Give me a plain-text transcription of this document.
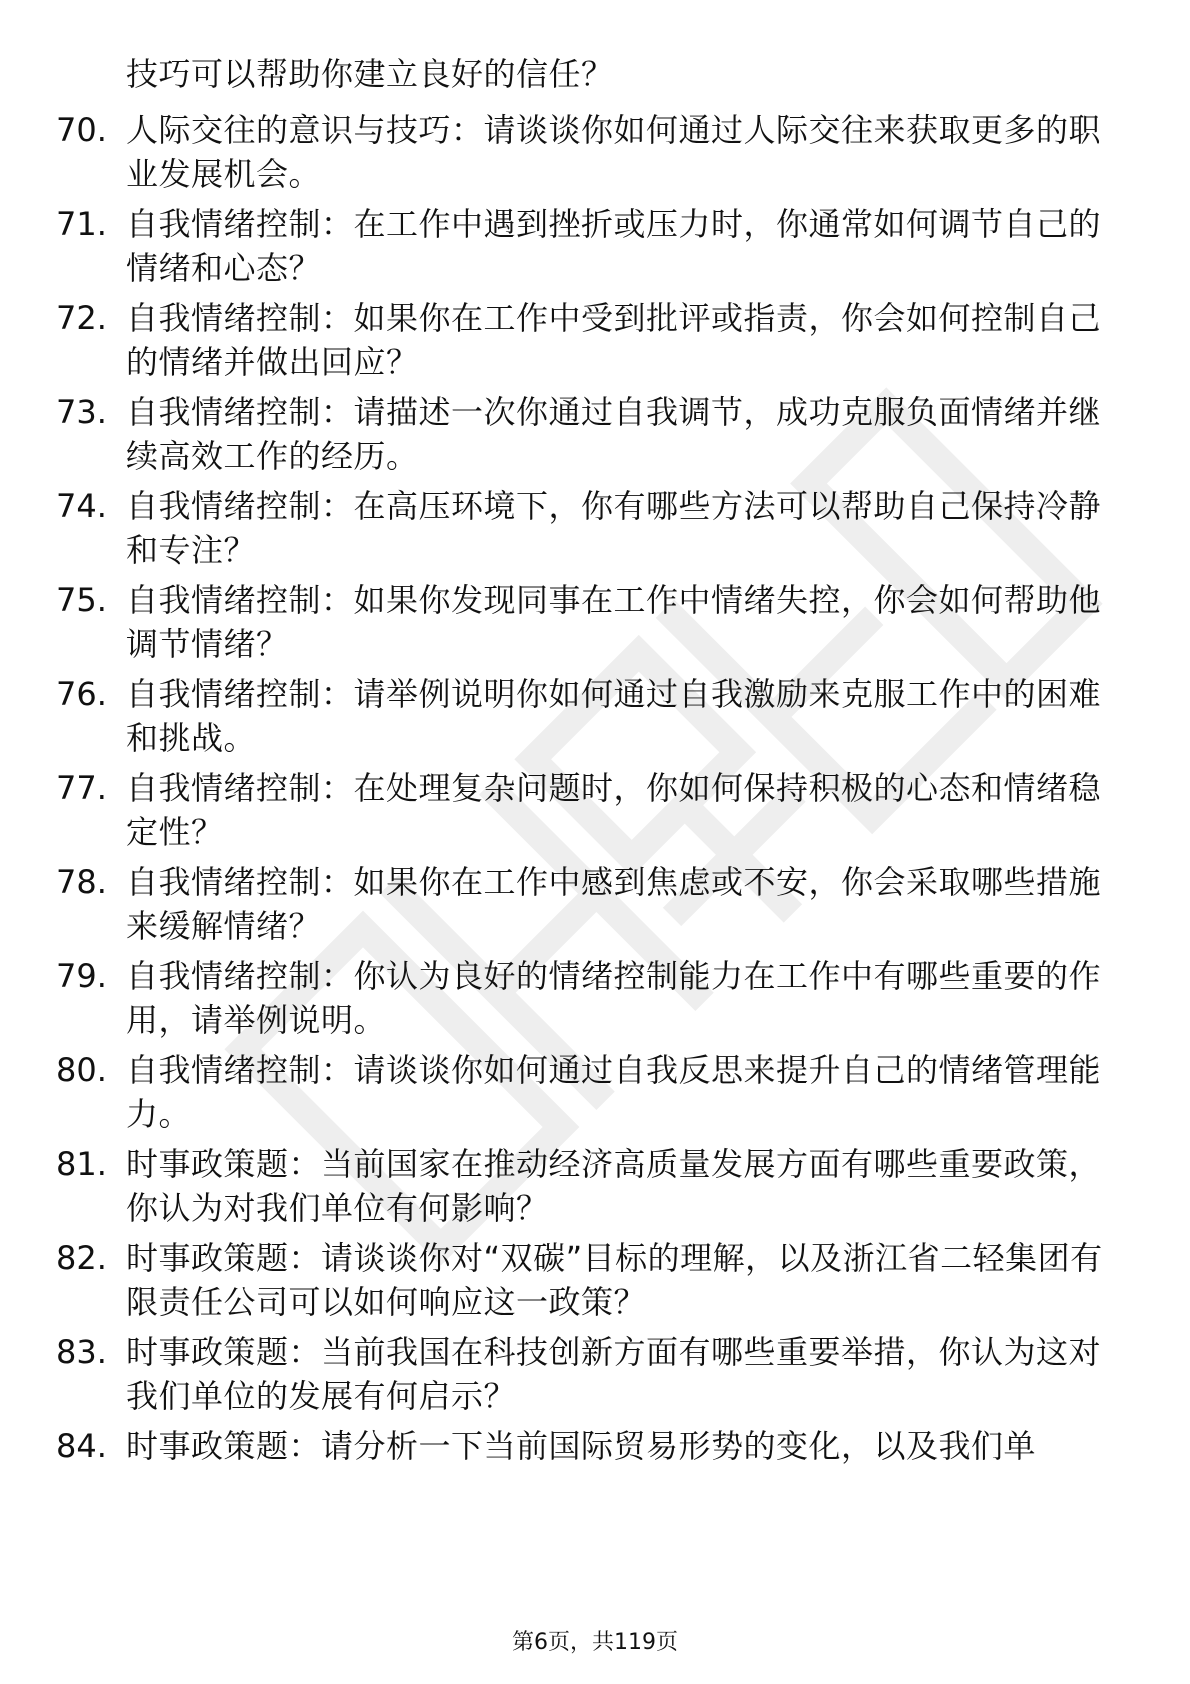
技巧可以帮助你建立良好的信任？
70. 人际交往的意识与技巧：请谈谈你如何通过人际交往来获取更多的职业发展机会。
71. 自我情绪控制：在工作中遇到挫折或压力时，你通常如何调节自己的情绪和心态？
72. 自我情绪控制：如果你在工作中受到批评或指责，你会如何控制自己的情绪并做出回应？
73. 自我情绪控制：请描述一次你通过自我调节，成功克服负面情绪并继续高效工作的经历。
74. 自我情绪控制：在高压环境下，你有哪些方法可以帮助自己保持冷静和专注？
75. 自我情绪控制：如果你发现同事在工作中情绪失控，你会如何帮助他调节情绪？
76. 自我情绪控制：请举例说明你如何通过自我激励来克服工作中的困难和挑战。
77. 自我情绪控制：在处理复杂问题时，你如何保持积极的心态和情绪稳定性？
78. 自我情绪控制：如果你在工作中感到焦虑或不安，你会采取哪些措施来缓解情绪？
79. 自我情绪控制：你认为良好的情绪控制能力在工作中有哪些重要的作用，请举例说明。
80. 自我情绪控制：请谈谈你如何通过自我反思来提升自己的情绪管理能力。
81. 时事政策题：当前国家在推动经济高质量发展方面有哪些重要政策，你认为对我们单位有何影响？
82. 时事政策题：请谈谈你对“双碳”目标的理解，以及浙江省二轻集团有限责任公司可以如何响应这一政策？
83. 时事政策题：当前我国在科技创新方面有哪些重要举措，你认为这对我们单位的发展有何启示？
84. 时事政策题：请分析一下当前国际贸易形势的变化，以及我们单
第6页，共119页
